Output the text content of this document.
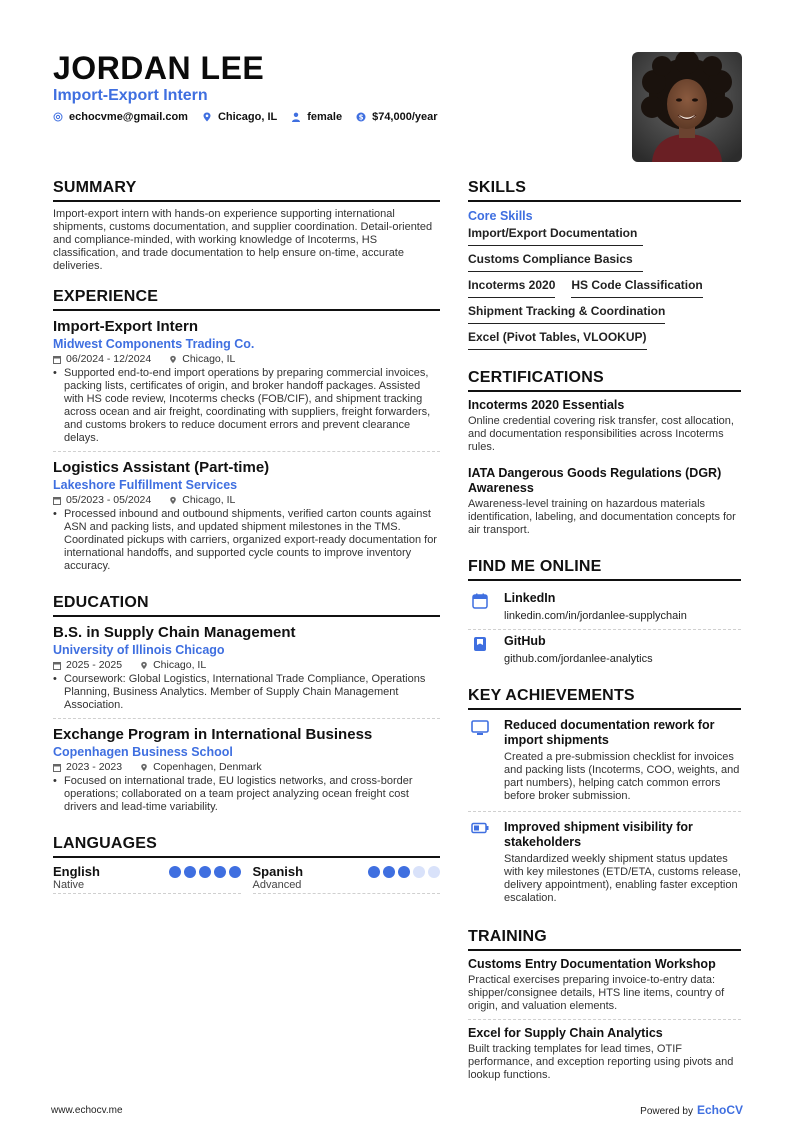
JORDAN LEE
Import-Export Intern
echocvme@gmail.com	Chicago, IL	female $ $74,000/year
SUMMARY
Import-export intern with hands-on experience supporting international shipments, customs documentation, and supplier coordination. Detail-oriented and compliance-minded, with working knowledge of Incoterms, HS classification, and trade documentation to help ensure on-time, accurate deliveries.
EXPERIENCE
Import-Export Intern
Midwest Components Trading Co.
06/2024 - 12/2024	Chicago, IL
• Supported end-to-end import operations by preparing commercial invoices, packing lists, certificates of origin, and broker handoff packages. Assisted with HS code review, Incoterms checks (FOB/CIF), and shipment tracking across ocean and air freight, coordinating with suppliers, freight forwarders, and customs brokers to reduce document errors and prevent clearance delays.
Logistics Assistant (Part-time)
Lakeshore Fulfillment Services
05/2023 - 05/2024	Chicago, IL
• Processed inbound and outbound shipments, verified carton counts against ASN and packing lists, and updated shipment milestones in the TMS. Coordinated pickups with carriers, organized export-ready documentation for international handoffs, and supported cycle counts to improve inventory accuracy.
EDUCATION
B.S. in Supply Chain Management
University of Illinois Chicago
2025 - 2025	Chicago, IL
• Coursework: Global Logistics, International Trade Compliance, Operations Planning, Business Analytics. Member of Supply Chain Management Association.
Exchange Program in International Business
Copenhagen Business School
2023 - 2023	Copenhagen, Denmark
• Focused on international trade, EU logistics networks, and cross-border operations; collaborated on a team project analyzing ocean freight cost drivers and lead-time variability.
LANGUAGES
English
Native
Spanish
Advanced
SKILLS
Core Skills
Import/Export Documentation
Customs Compliance Basics
Incoterms 2020 HS Code Classification
Shipment Tracking & Coordination
Excel (Pivot Tables, VLOOKUP)
CERTIFICATIONS
Incoterms 2020 Essentials
Online credential covering risk transfer, cost allocation, and documentation responsibilities across Incoterms rules.
IATA Dangerous Goods Regulations (DGR) Awareness
Awareness-level training on hazardous materials identification, labeling, and documentation concepts for air transport.
FIND ME ONLINE
LinkedIn
linkedin.com/in/jordanlee-supplychain
GitHub
github.com/jordanlee-analytics
KEY ACHIEVEMENTS
Reduced documentation rework for import shipments
Created a pre-submission checklist for invoices and packing lists (Incoterms, COO, weights, and part numbers), helping catch common errors before broker submission.
Improved shipment visibility for stakeholders
Standardized weekly shipment status updates with key milestones (ETD/ETA, customs release, delivery appointment), enabling faster exception escalation.
TRAINING
Customs Entry Documentation Workshop
Practical exercises preparing invoice-to-entry data: shipper/consignee details, HTS line items, country of origin, and valuation elements.
Excel for Supply Chain Analytics
Built tracking templates for lead times, OTIF performance, and exception reporting using pivots and lookup functions.
www.echocv.me	Powered by EchoCV
